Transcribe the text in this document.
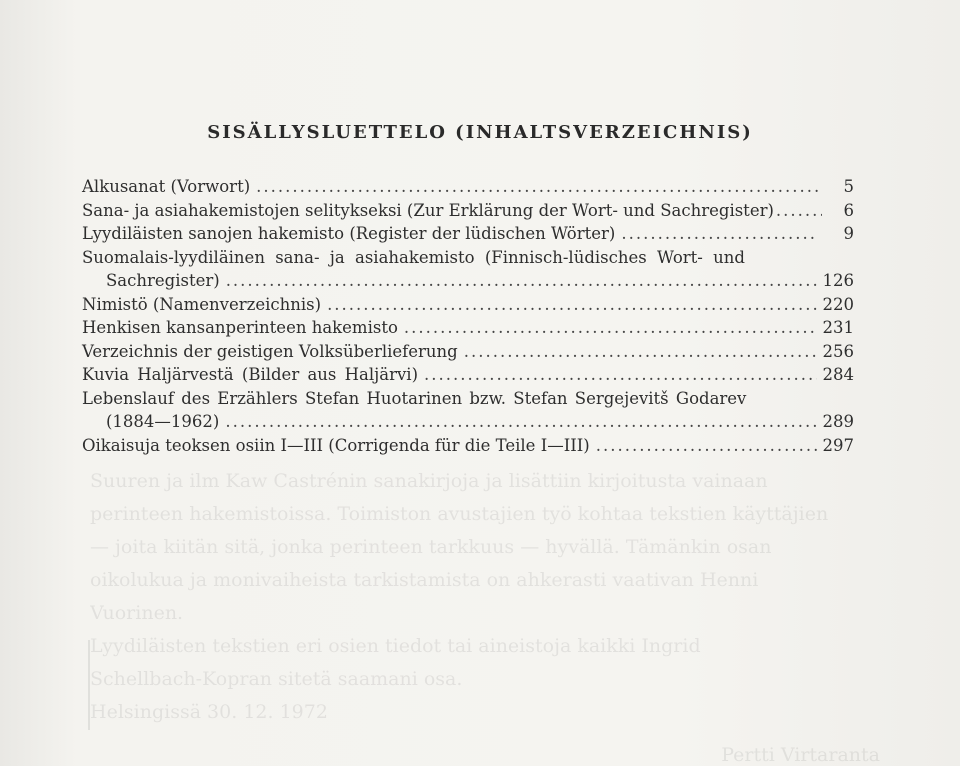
Suuren ja ilm Kaw Castrénin sanakirjoja ja lisättiin kirjoitusta vainaan
perinteen hakemistoissa. Toimiston avustajien työ kohtaa tekstien käyttäjien
— joita kiitän sitä, jonka perinteen tarkkuus — hyvällä. Tämänkin osan
oikolukua ja monivaiheista tarkistamista on ahkerasti vaativan Henni
Vuorinen.
Lyydiläisten tekstien eri osien tiedot tai aineistoja kaikki Ingrid
Schellbach-Kopran sitetä saamani osa.
Helsingissä 30. 12. 1972
Pertti Virtaranta
SISÄLLYSLUETTELO (INHALTSVERZEICHNIS)
Alkusanat (Vorwort) .....	5
Sana- ja asiahakemistojen selitykseksi (Zur Erklärung der Wort- und Sachregister) .....	6
Lyydiläisten sanojen hakemisto (Register der lüdischen Wörter) .....	9
Suomalais-lyydiläinen sana- ja asiahakemisto (Finnisch-lüdisches Wort- und
Sachregister) .....	126
Nimistö (Namenverzeichnis) .....	220
Henkisen kansanperinteen hakemisto .....	231
Verzeichnis der geistigen Volksüberlieferung .....	256
Kuvia Haljärvestä (Bilder aus Haljärvi) .....	284
Lebenslauf des Erzählers Stefan Huotarinen bzw. Stefan Sergejevitš Godarev
(1884—1962) .....	289
Oikaisuja teoksen osiin I—III (Corrigenda für die Teile I—III) .....	297
